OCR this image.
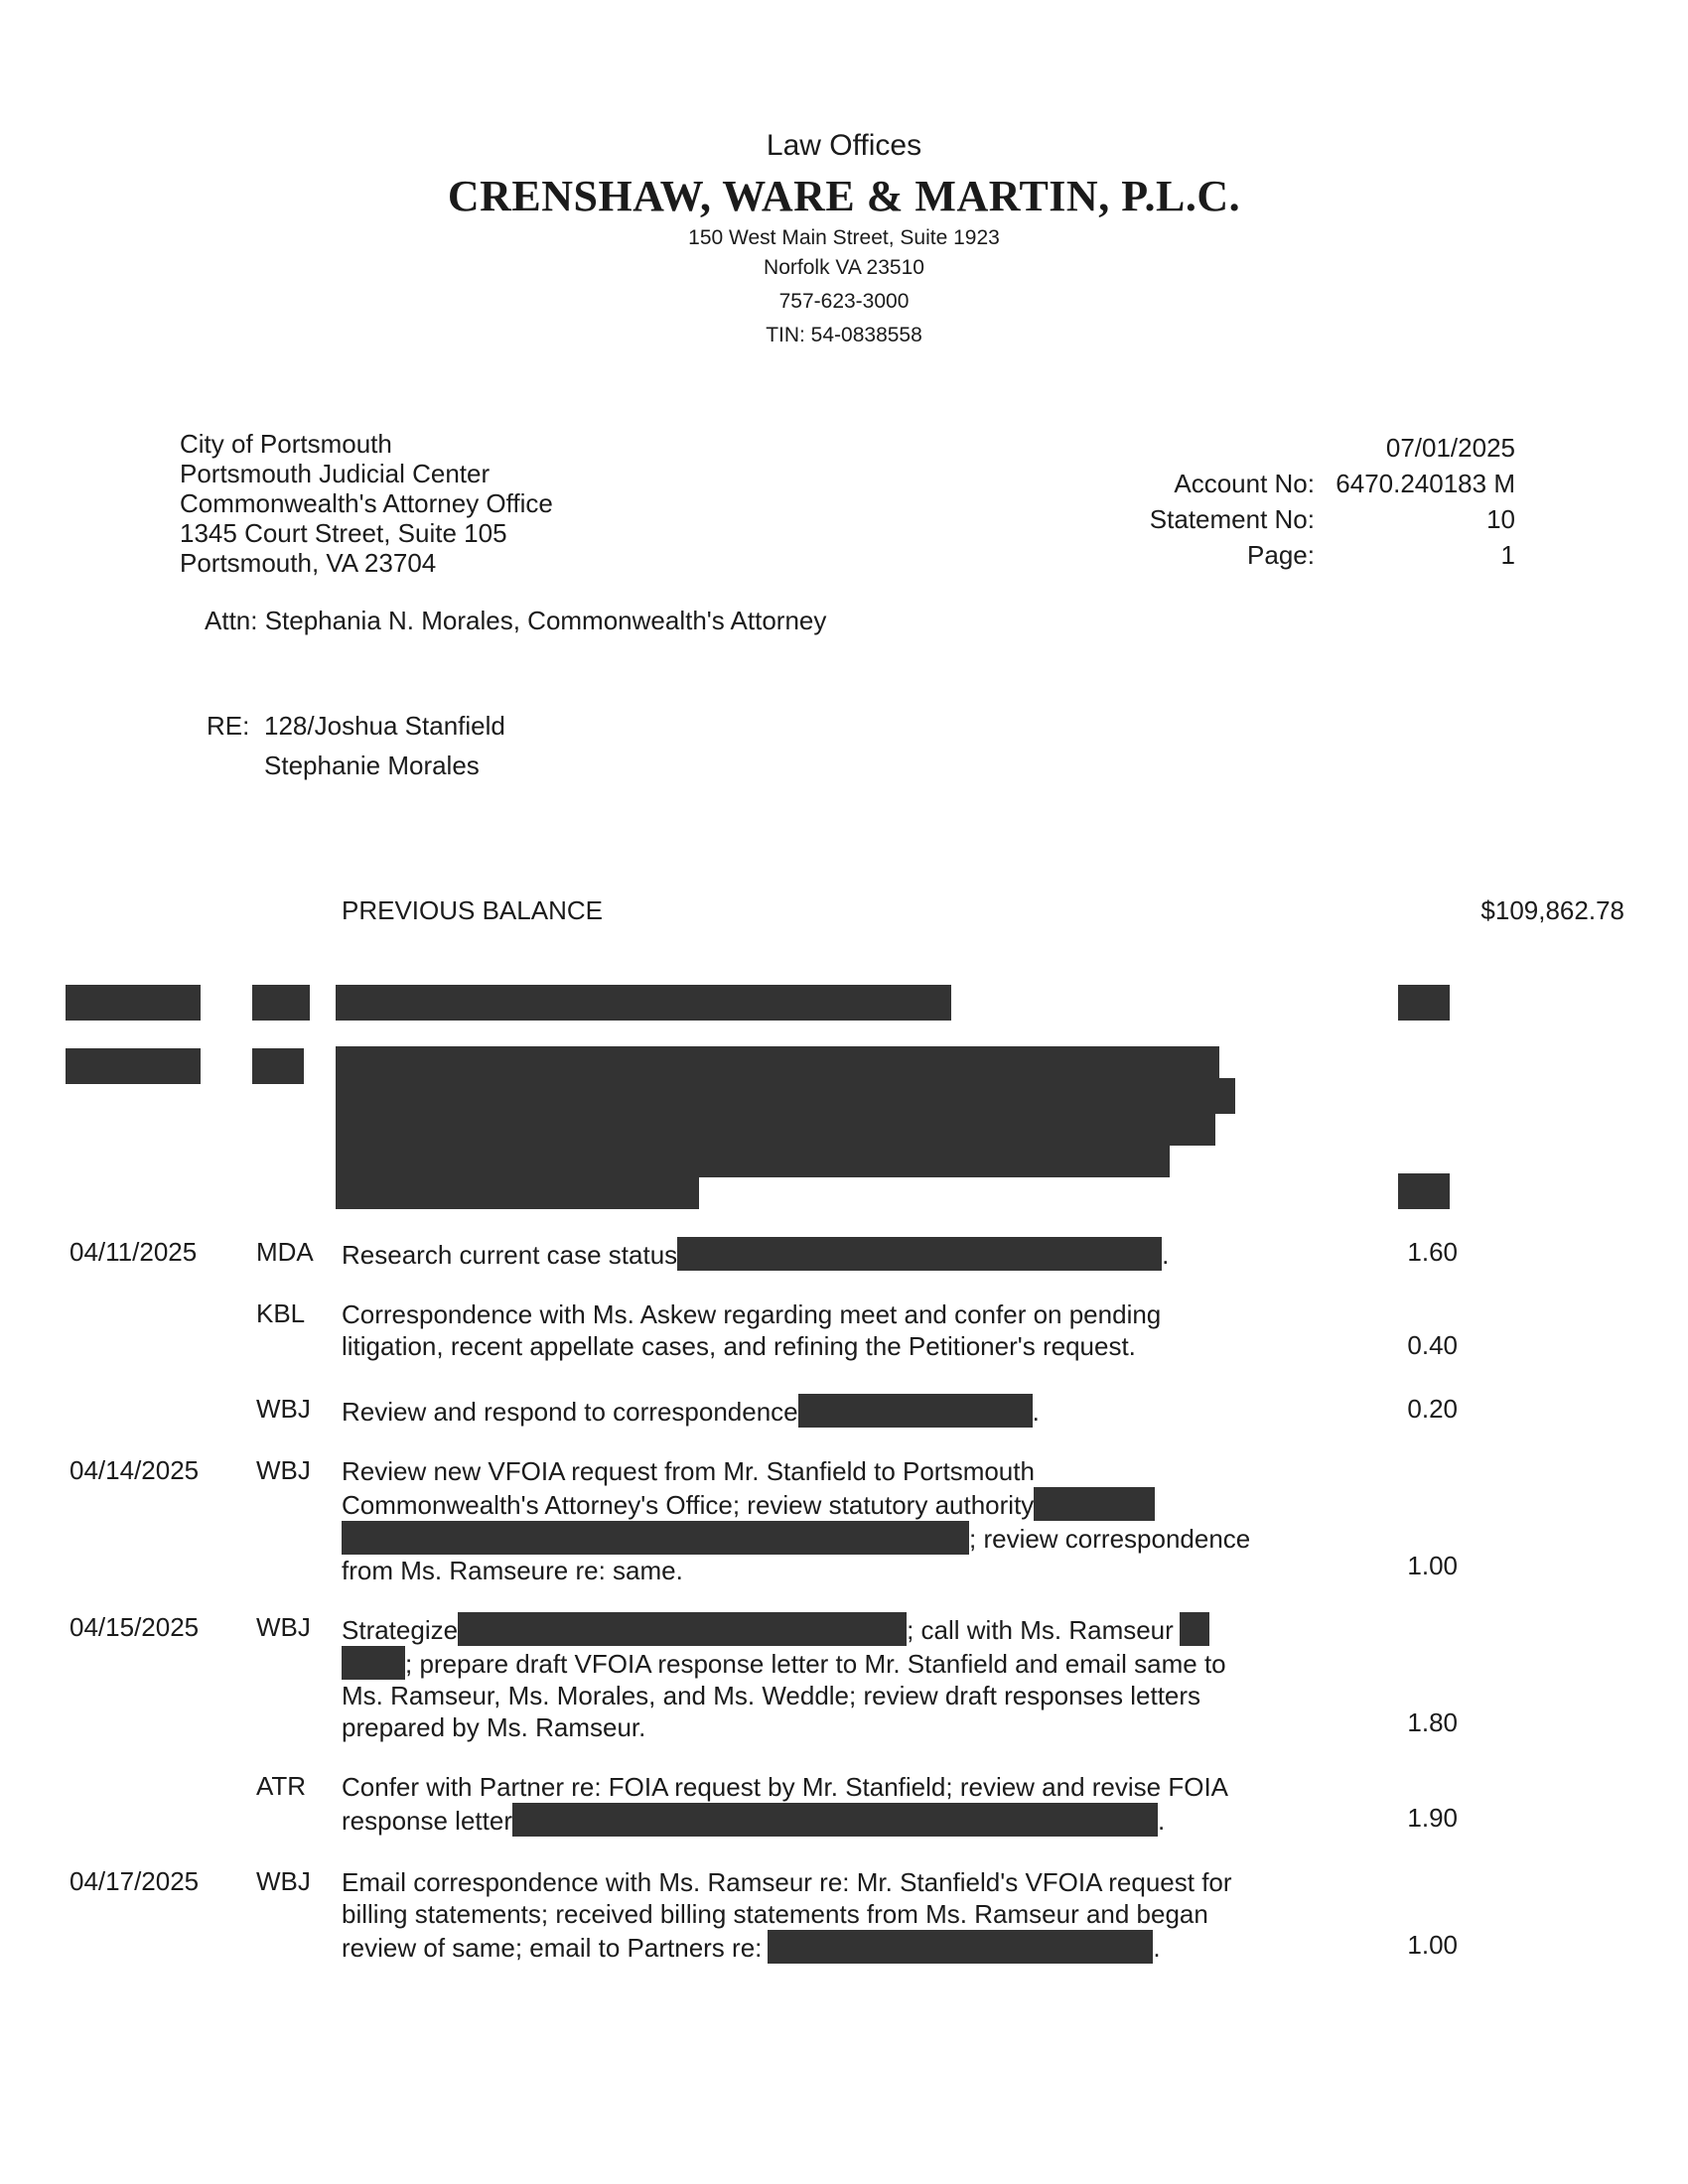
Law Offices
CRENSHAW, WARE & MARTIN, P.L.C.
150 West Main Street, Suite 1923
Norfolk VA 23510
757-623-3000
TIN: 54-0838558
City of Portsmouth
Portsmouth Judicial Center
Commonwealth's Attorney Office
1345 Court Street, Suite 105
Portsmouth, VA 23704
07/01/2025
Account No: 6470.240183 M
Statement No:	10
Page:	1
Attn: Stephania N. Morales, Commonwealth's Attorney
RE: 128/Joshua Stanfield
Stephanie Morales
PREVIOUS BALANCE	$109,862.78
04/11/2025 MDA Research current case status	.	1.60
KBL Correspondence with Ms. Askew regarding meet and confer on pending
litigation, recent appellate cases, and refining the Petitioner's request.	0.40
WBJ Review and respond to correspondence	.	0.20
04/14/2025 WBJ Review new VFOIA request from Mr. Stanfield to Portsmouth
Commonwealth's Attorney's Office; review statutory authority
; review correspondence
from Ms. Ramseure re: same.	1.00
04/15/2025 WBJ Strategize	; call with Ms. Ramseur
; prepare draft VFOIA response letter to Mr. Stanfield and email same to
Ms. Ramseur, Ms. Morales, and Ms. Weddle; review draft responses letters
prepared by Ms. Ramseur.	1.80
ATR Confer with Partner re: FOIA request by Mr. Stanfield; review and revise FOIA
response letter	.	1.90
04/17/2025 WBJ Email correspondence with Ms. Ramseur re: Mr. Stanfield's VFOIA request for
billing statements; received billing statements from Ms. Ramseur and began
review of same; email to Partners re:	.	1.00
